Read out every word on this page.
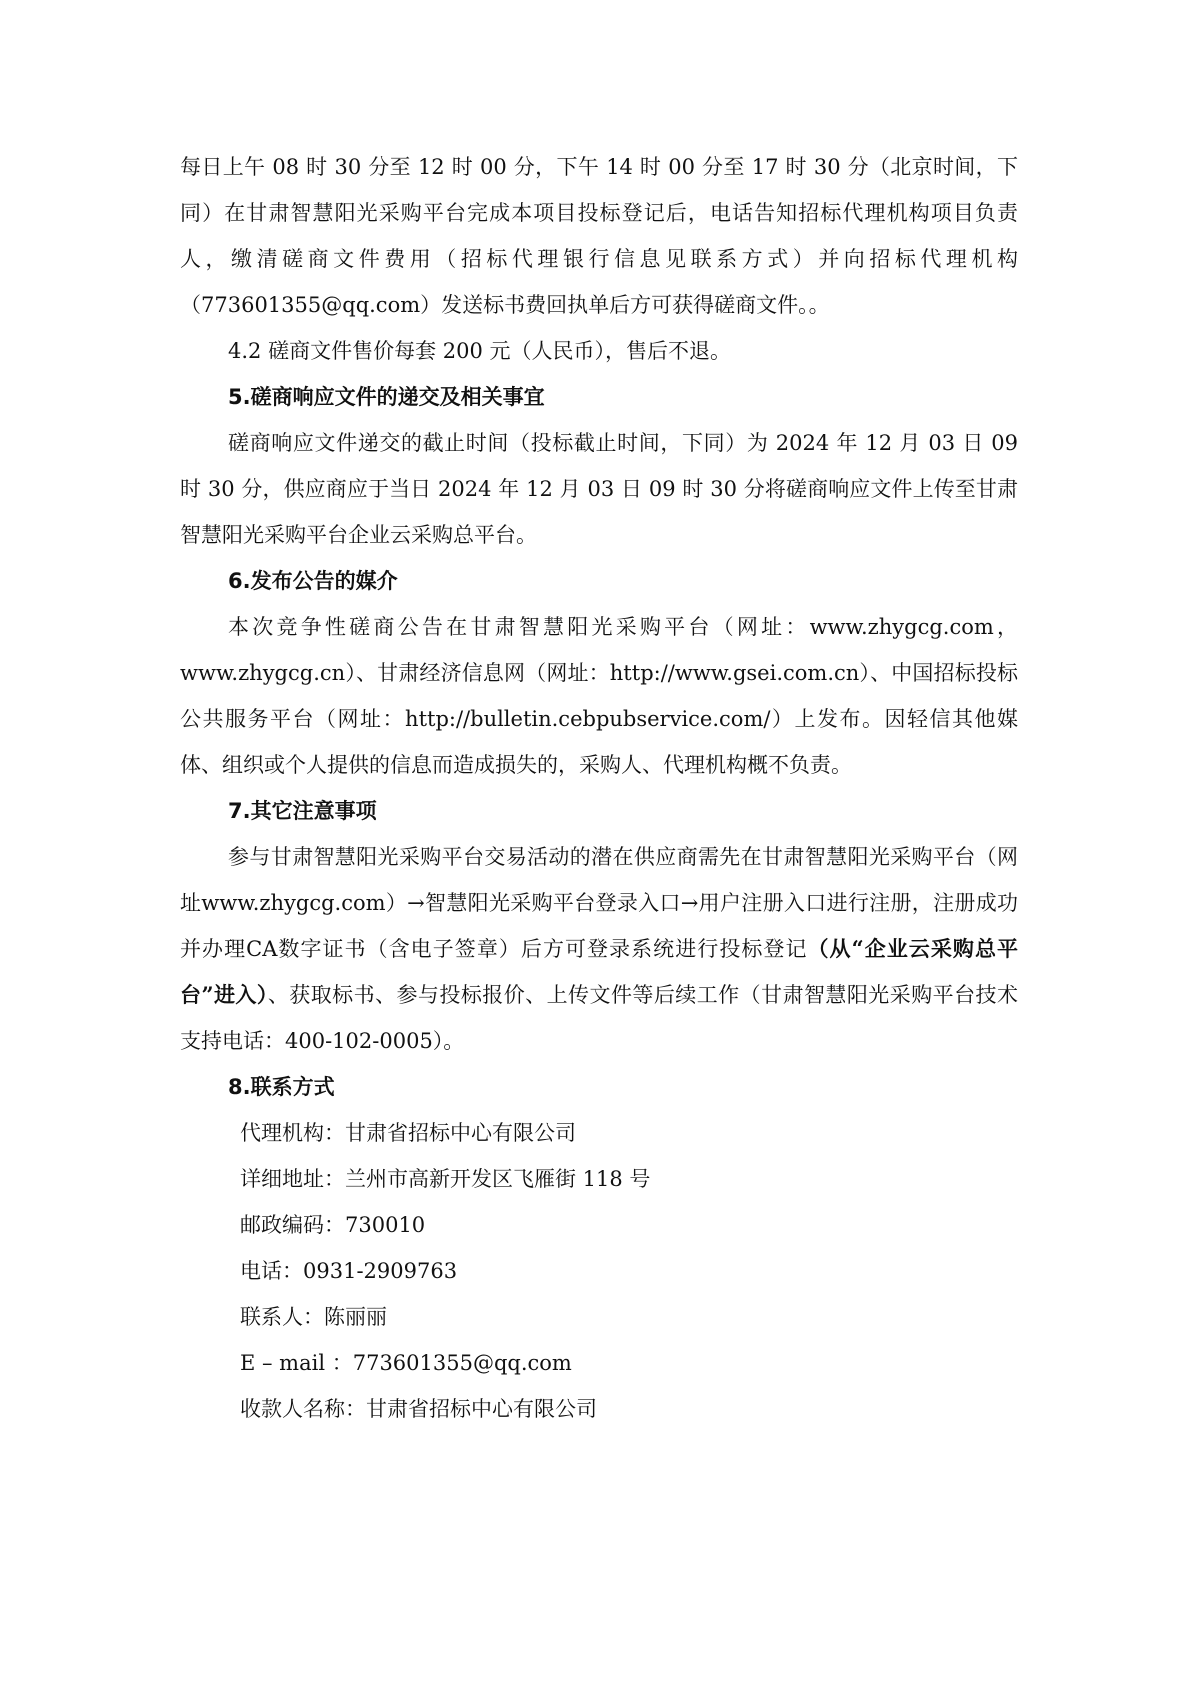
每日上午 08 时 30 分至 12 时 00 分，下午 14 时 00 分至 17 时 30 分（北京时间，下同）在甘肃智慧阳光采购平台完成本项目投标登记后，电话告知招标代理机构项目负责人，缴清磋商文件费用（招标代理银行信息见联系方式）并向招标代理机构（773601355@qq.com）发送标书费回执单后方可获得磋商文件。。

4.2 磋商文件售价每套 200 元（人民币），售后不退。

5.磋商响应文件的递交及相关事宜

磋商响应文件递交的截止时间（投标截止时间，下同）为 2024 年 12 月 03 日 09 时 30 分，供应商应于当日 2024 年 12 月 03 日 09 时 30 分将磋商响应文件上传至甘肃智慧阳光采购平台企业云采购总平台。

6.发布公告的媒介

本次竞争性磋商公告在甘肃智慧阳光采购平台（网址：www.zhygcg.com，www.zhygcg.cn）、甘肃经济信息网（网址：http://www.gsei.com.cn）、中国招标投标公共服务平台（网址：http://bulletin.cebpubservice.com/）上发布。因轻信其他媒体、组织或个人提供的信息而造成损失的，采购人、代理机构概不负责。

7.其它注意事项

参与甘肃智慧阳光采购平台交易活动的潜在供应商需先在甘肃智慧阳光采购平台（网址www.zhygcg.com）→智慧阳光采购平台登录入口→用户注册入口进行注册，注册成功并办理CA数字证书（含电子签章）后方可登录系统进行投标登记（从“企业云采购总平台”进入）、获取标书、参与投标报价、上传文件等后续工作（甘肃智慧阳光采购平台技术支持电话：400-102-0005）。

8.联系方式

代理机构：甘肃省招标中心有限公司

详细地址：兰州市高新开发区飞雁街 118 号

邮政编码：730010

电话：0931-2909763

联系人：陈丽丽

E – mail ：773601355@qq.com

收款人名称：甘肃省招标中心有限公司
